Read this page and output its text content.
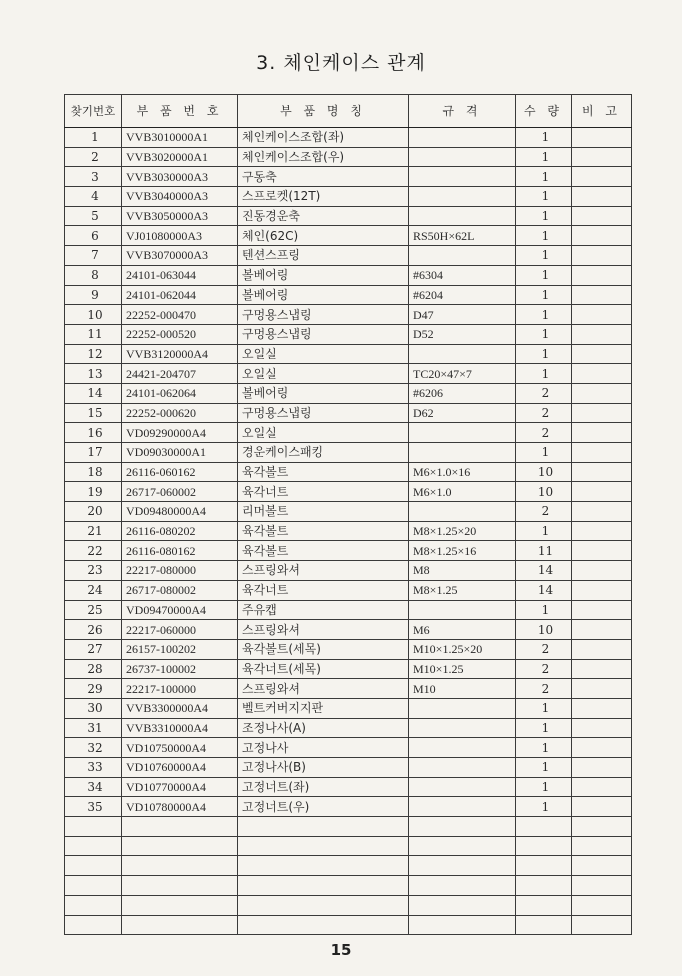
3. 체인케이스 관계
찾기번호	부 품 번 호	부 품 명 칭	규 격	수 량	비 고
1	VVB3010000A1	체인케이스조합(좌)		1	
2	VVB3020000A1	체인케이스조합(우)		1	
3	VVB3030000A3	구동축		1	
4	VVB3040000A3	스프로켓(12T)		1	
5	VVB3050000A3	진동경운축		1	
6	VJ01080000A3	체인(62C)	RS50H×62L	1	
7	VVB3070000A3	텐션스프링		1	
8	24101-063044	볼베어링	#6304	1	
9	24101-062044	볼베어링	#6204	1	
10	22252-000470	구멍용스냅링	D47	1	
11	22252-000520	구멍용스냅링	D52	1	
12	VVB3120000A4	오일실		1	
13	24421-204707	오일실	TC20×47×7	1	
14	24101-062064	볼베어링	#6206	2	
15	22252-000620	구멍용스냅링	D62	2	
16	VD09290000A4	오일실		2	
17	VD09030000A1	경운케이스패킹		1	
18	26116-060162	육각볼트	M6×1.0×16	10	
19	26717-060002	육각너트	M6×1.0	10	
20	VD09480000A4	리머볼트		2	
21	26116-080202	육각볼트	M8×1.25×20	1	
22	26116-080162	육각볼트	M8×1.25×16	11	
23	22217-080000	스프링와셔	M8	14	
24	26717-080002	육각너트	M8×1.25	14	
25	VD09470000A4	주유캡		1	
26	22217-060000	스프링와셔	M6	10	
27	26157-100202	육각볼트(세목)	M10×1.25×20	2	
28	26737-100002	육각너트(세목)	M10×1.25	2	
29	22217-100000	스프링와셔	M10	2	
30	VVB3300000A4	벨트커버지지판		1	
31	VVB3310000A4	조정나사(A)		1	
32	VD10750000A4	고정나사		1	
33	VD10760000A4	고정나사(B)		1	
34	VD10770000A4	고정너트(좌)		1	
35	VD10780000A4	고정너트(우)		1	

15
